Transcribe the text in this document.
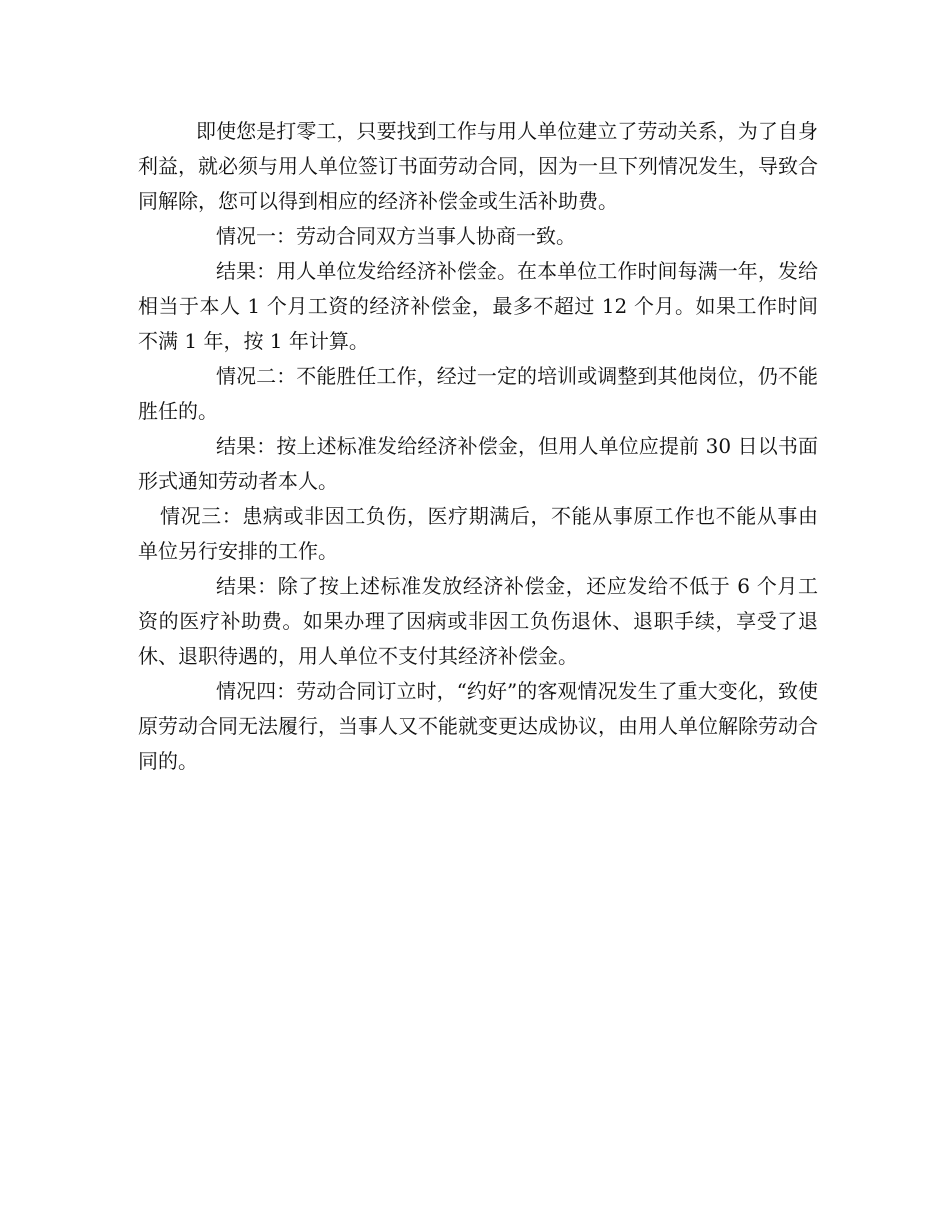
即使您是打零工，只要找到工作与用人单位建立了劳动关系，为了自身利益，就必须与用人单位签订书面劳动合同，因为一旦下列情况发生，导致合同解除，您可以得到相应的经济补偿金或生活补助费。

情况一：劳动合同双方当事人协商一致。

结果：用人单位发给经济补偿金。在本单位工作时间每满一年，发给相当于本人 1 个月工资的经济补偿金，最多不超过 12 个月。如果工作时间不满 1 年，按 1 年计算。

情况二：不能胜任工作，经过一定的培训或调整到其他岗位，仍不能胜任的。

结果：按上述标准发给经济补偿金，但用人单位应提前 30 日以书面形式通知劳动者本人。

情况三：患病或非因工负伤，医疗期满后，不能从事原工作也不能从事由单位另行安排的工作。

结果：除了按上述标准发放经济补偿金，还应发给不低于 6 个月工资的医疗补助费。如果办理了因病或非因工负伤退休、退职手续，享受了退休、退职待遇的，用人单位不支付其经济补偿金。

情况四：劳动合同订立时，“约好”的客观情况发生了重大变化，致使原劳动合同无法履行，当事人又不能就变更达成协议，由用人单位解除劳动合同的。
